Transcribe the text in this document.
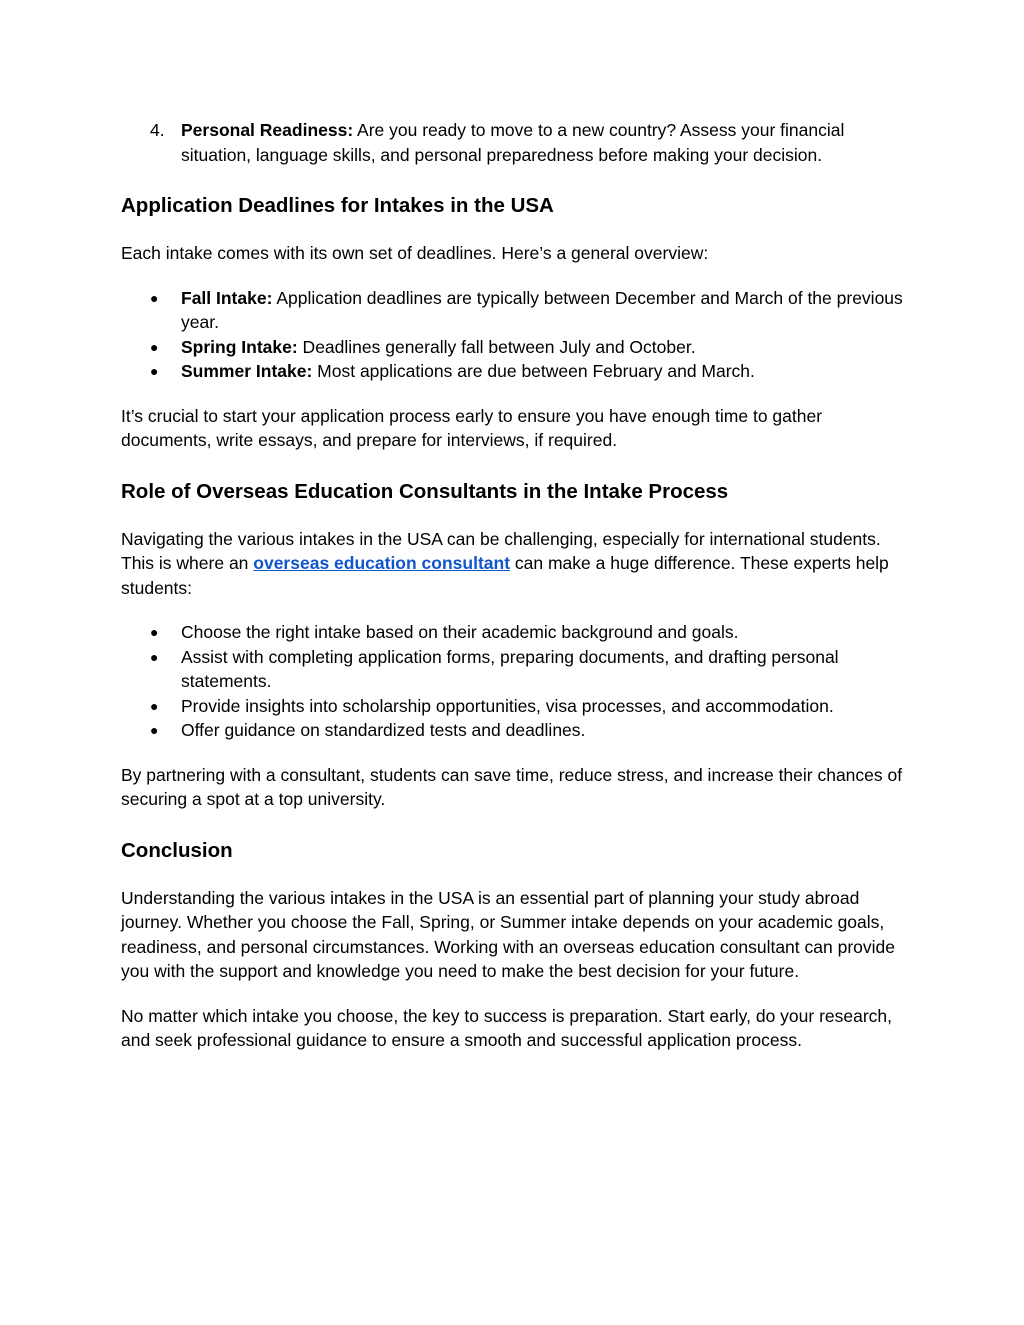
4. Personal Readiness: Are you ready to move to a new country? Assess your financial situation, language skills, and personal preparedness before making your decision.

Application Deadlines for Intakes in the USA

Each intake comes with its own set of deadlines. Here’s a general overview:

● Fall Intake: Application deadlines are typically between December and March of the previous year.
● Spring Intake: Deadlines generally fall between July and October.
● Summer Intake: Most applications are due between February and March.

It’s crucial to start your application process early to ensure you have enough time to gather documents, write essays, and prepare for interviews, if required.

Role of Overseas Education Consultants in the Intake Process

Navigating the various intakes in the USA can be challenging, especially for international students. This is where an overseas education consultant can make a huge difference. These experts help students:

● Choose the right intake based on their academic background and goals.
● Assist with completing application forms, preparing documents, and drafting personal statements.
● Provide insights into scholarship opportunities, visa processes, and accommodation.
● Offer guidance on standardized tests and deadlines.

By partnering with a consultant, students can save time, reduce stress, and increase their chances of securing a spot at a top university.

Conclusion

Understanding the various intakes in the USA is an essential part of planning your study abroad journey. Whether you choose the Fall, Spring, or Summer intake depends on your academic goals, readiness, and personal circumstances. Working with an overseas education consultant can provide you with the support and knowledge you need to make the best decision for your future.

No matter which intake you choose, the key to success is preparation. Start early, do your research, and seek professional guidance to ensure a smooth and successful application process.
